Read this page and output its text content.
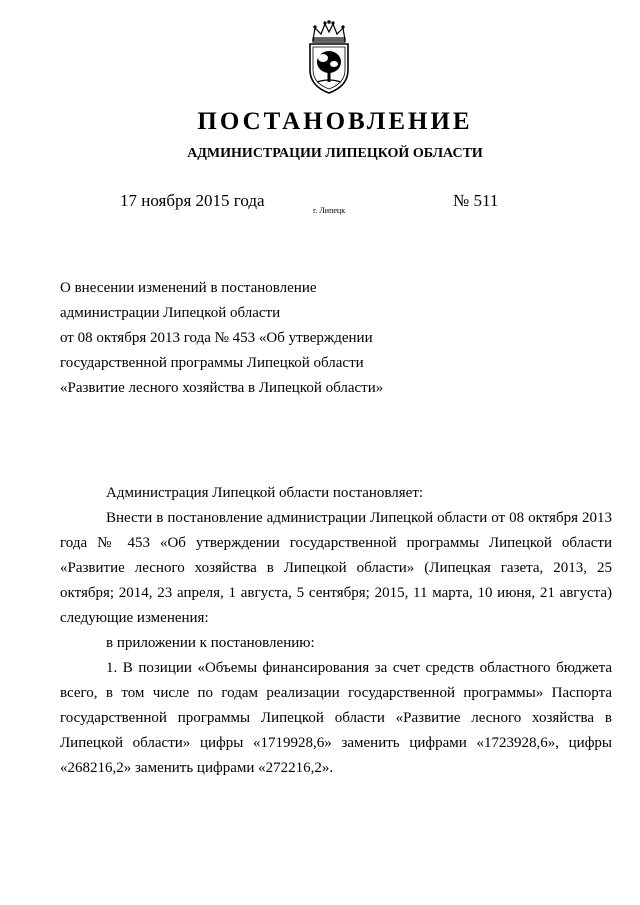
ПОСТАНОВЛЕНИЕ
АДМИНИСТРАЦИИ ЛИПЕЦКОЙ ОБЛАСТИ
17 ноября 2015 года
г. Липецк
№ 511
О внесении изменений в постановление
администрации Липецкой области
от 08 октября 2013 года № 453 «Об утверждении
государственной программы Липецкой области
«Развитие лесного хозяйства в Липецкой области»

Администрация Липецкой области постановляет:

Внести в постановление администрации Липецкой области от 08 октября 2013 года № 453 «Об утверждении государственной программы Липецкой области «Развитие лесного хозяйства в Липецкой области» (Липецкая газета, 2013, 25 октября; 2014, 23 апреля, 1 августа, 5 сентября; 2015, 11 марта, 10 июня, 21 августа) следующие изменения:

в приложении к постановлению:

1. В позиции «Объемы финансирования за счет средств областного бюджета всего, в том числе по годам реализации государственной программы» Паспорта государственной программы Липецкой области «Развитие лесного хозяйства в Липецкой области» цифры «1719928,6» заменить цифрами «1723928,6», цифры «268216,2» заменить цифрами «272216,2».
